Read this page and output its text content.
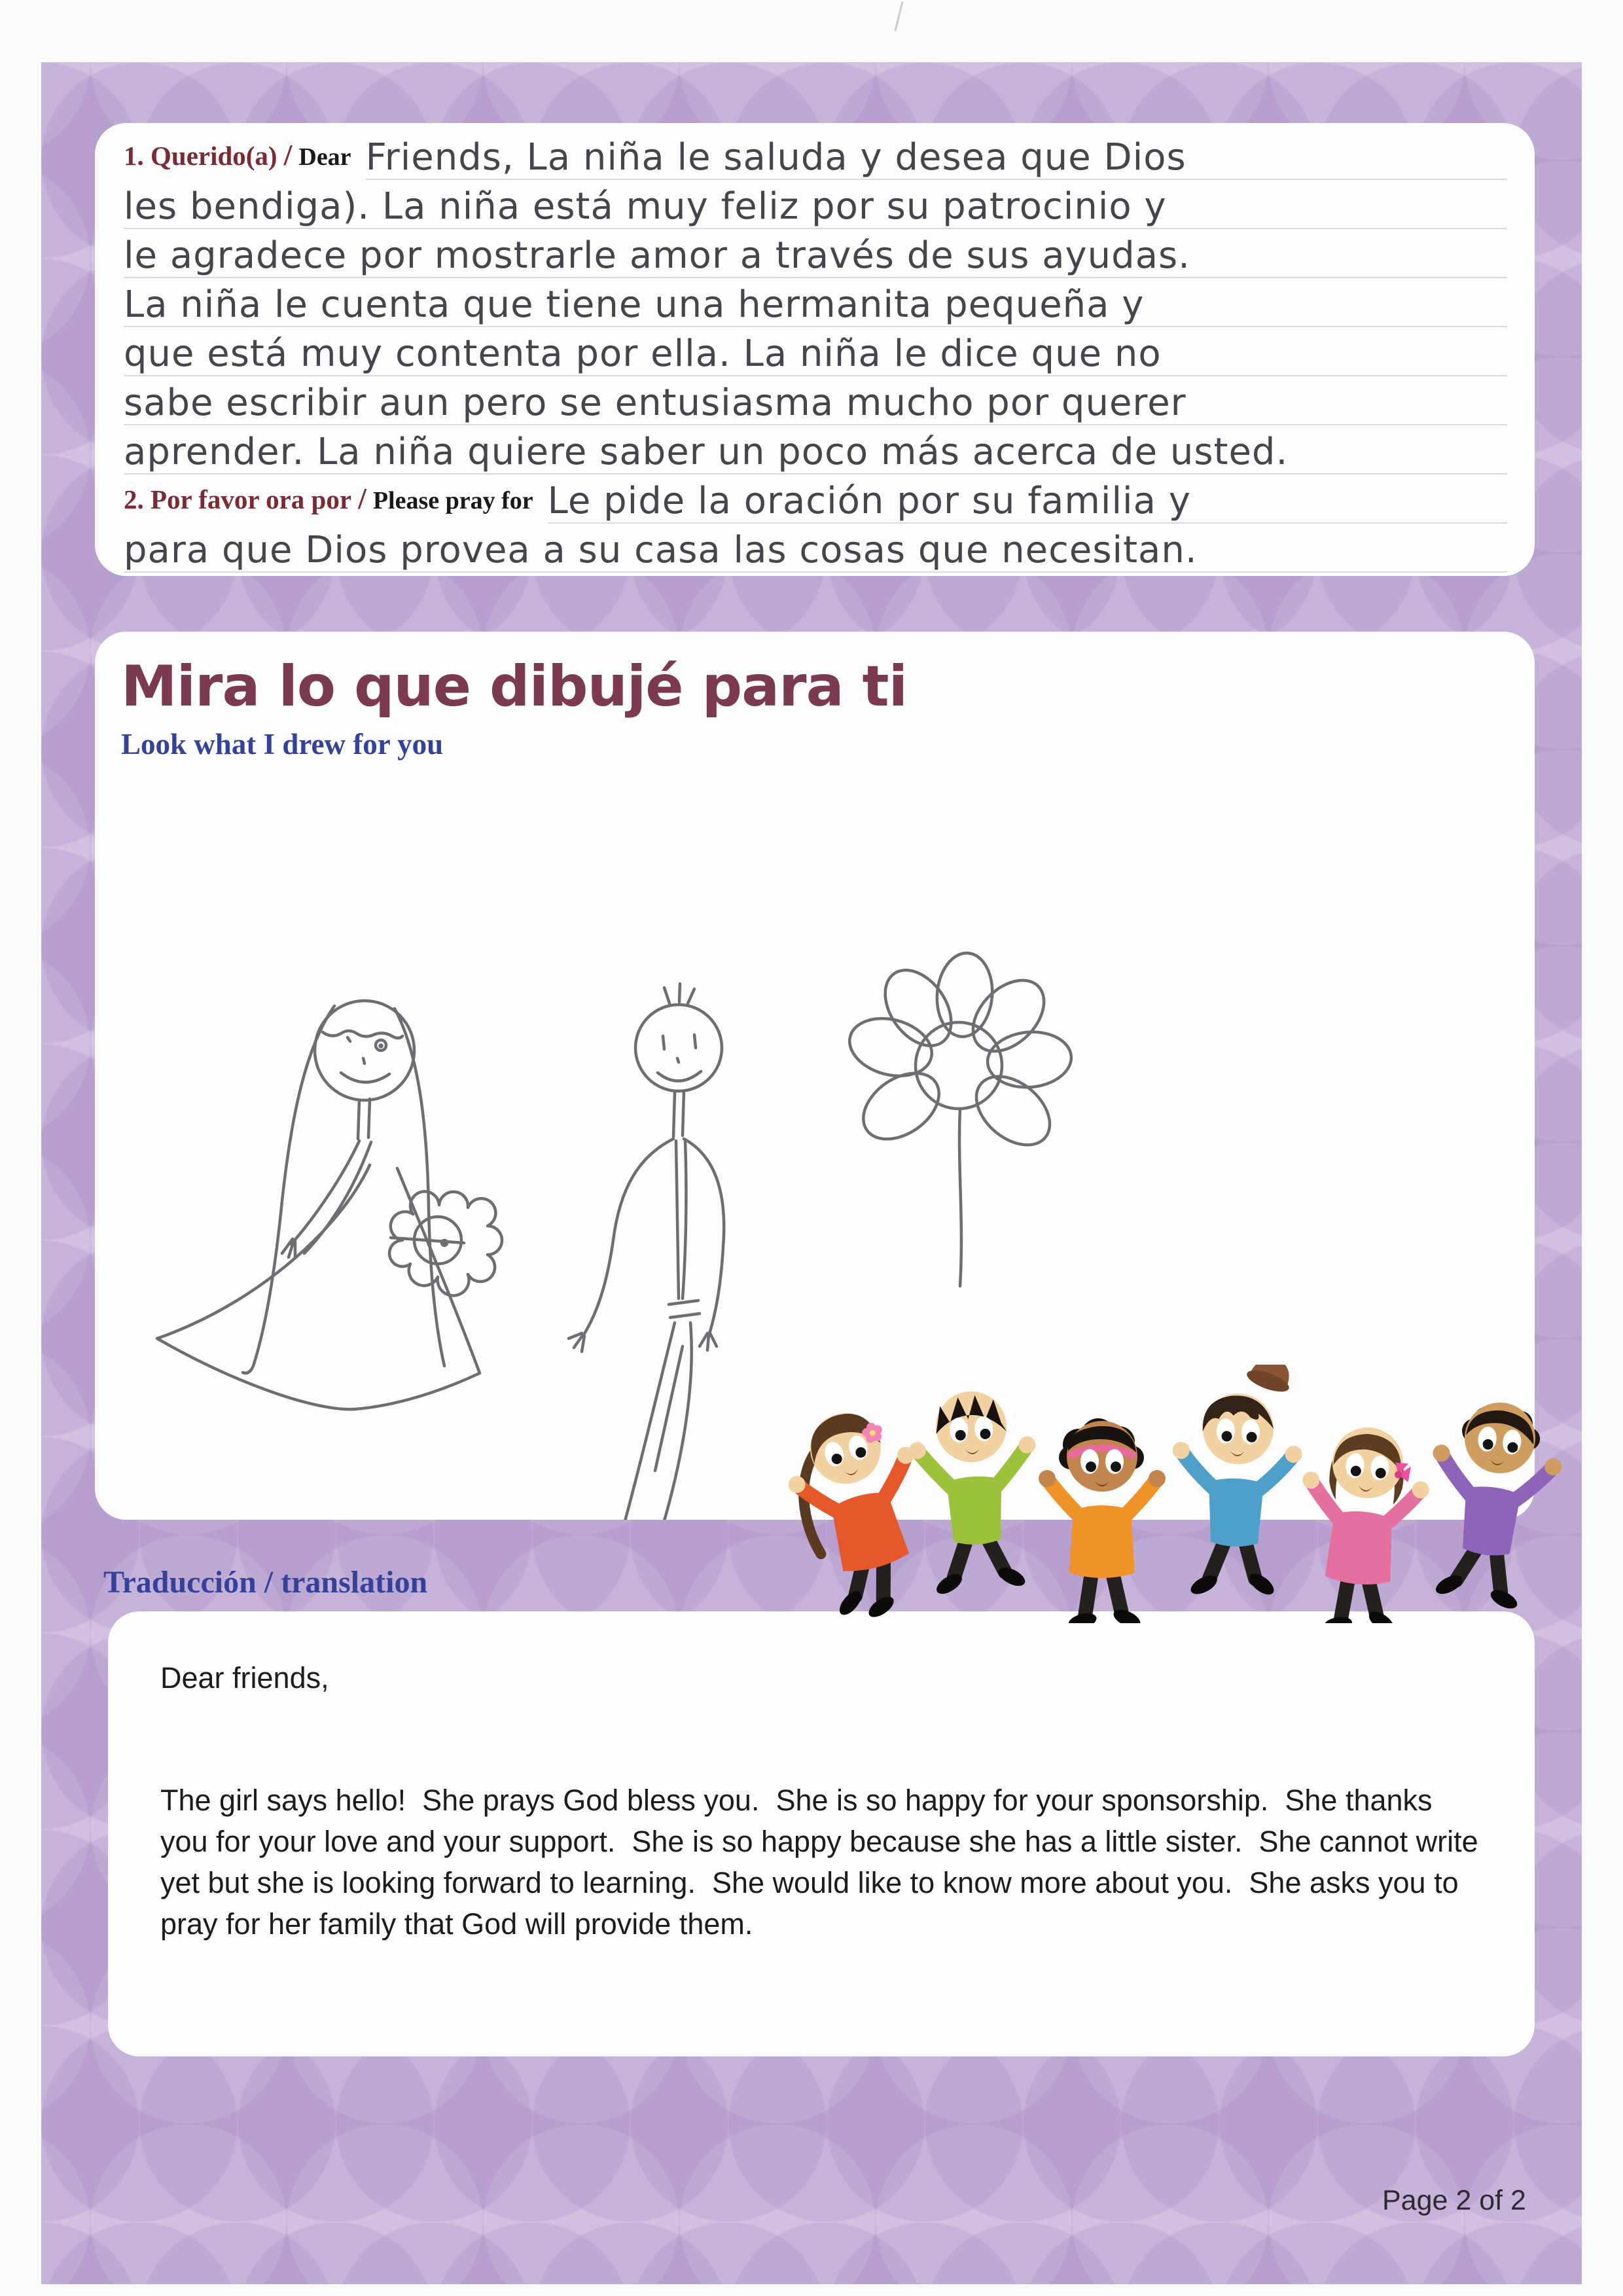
1. Querido(a) / Dear Friends, La niña le saluda y desea que Dios
les bendiga). La niña está muy feliz por su patrocinio y
le agradece por mostrarle amor a través de sus ayudas.
La niña le cuenta que tiene una hermanita pequeña y
que está muy contenta por ella. La niña le dice que no
sabe escribir aun pero se entusiasma mucho por querer
aprender. La niña quiere saber un poco más acerca de usted.
2. Por favor ora por / Please pray for Le pide la oración por su familia y
para que Dios provea a su casa las cosas que necesitan.
Mira lo que dibujé para ti
Look what I drew for you
Traducción / translation

Dear friends,

The girl says hello!  She prays God bless you.  She is so happy for your sponsorship.  She thanks you for your love and your support.  She is so happy because she has a little sister.  She cannot write yet but she is looking forward to learning.  She would like to know more about you.  She asks you to pray for her family that God will provide them.

Page 2 of 2
